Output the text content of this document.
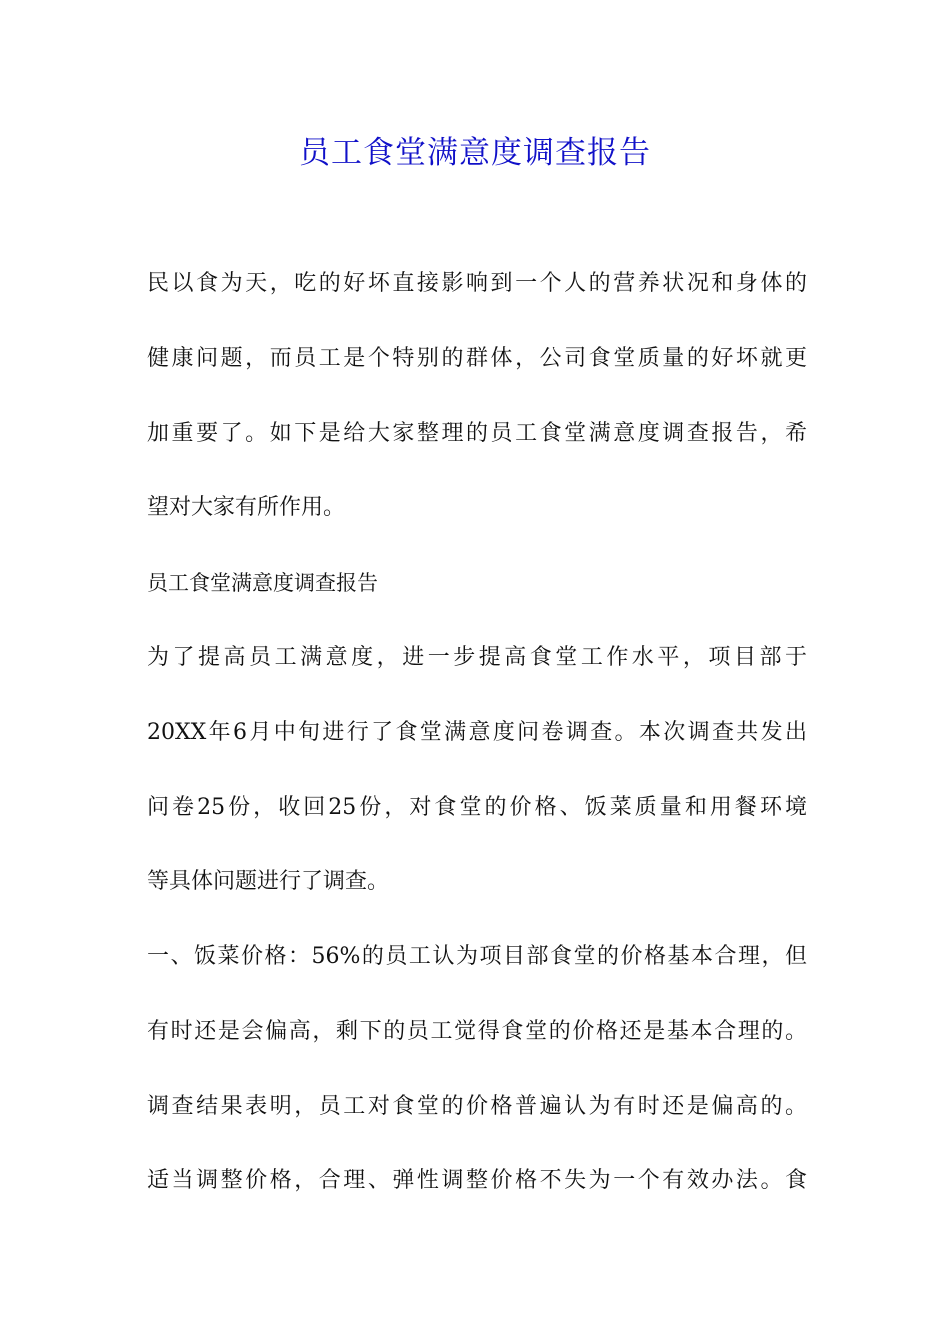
员工食堂满意度调查报告
民以食为天，吃的好坏直接影响到一个人的营养状况和身体的
健康问题，而员工是个特别的群体，公司食堂质量的好坏就更
加重要了。如下是给大家整理的员工食堂满意度调查报告，希
望对大家有所作用。
员工食堂满意度调查报告
为了提高员工满意度，进一步提高食堂工作水平，项目部于
20XX年6月中旬进行了食堂满意度问卷调查。本次调查共发出
问卷25份，收回25份，对食堂的价格、饭菜质量和用餐环境
等具体问题进行了调查。
一、饭菜价格：56%的员工认为项目部食堂的价格基本合理，但
有时还是会偏高，剩下的员工觉得食堂的价格还是基本合理的。
调查结果表明，员工对食堂的价格普遍认为有时还是偏高的。
适当调整价格，合理、弹性调整价格不失为一个有效办法。食
